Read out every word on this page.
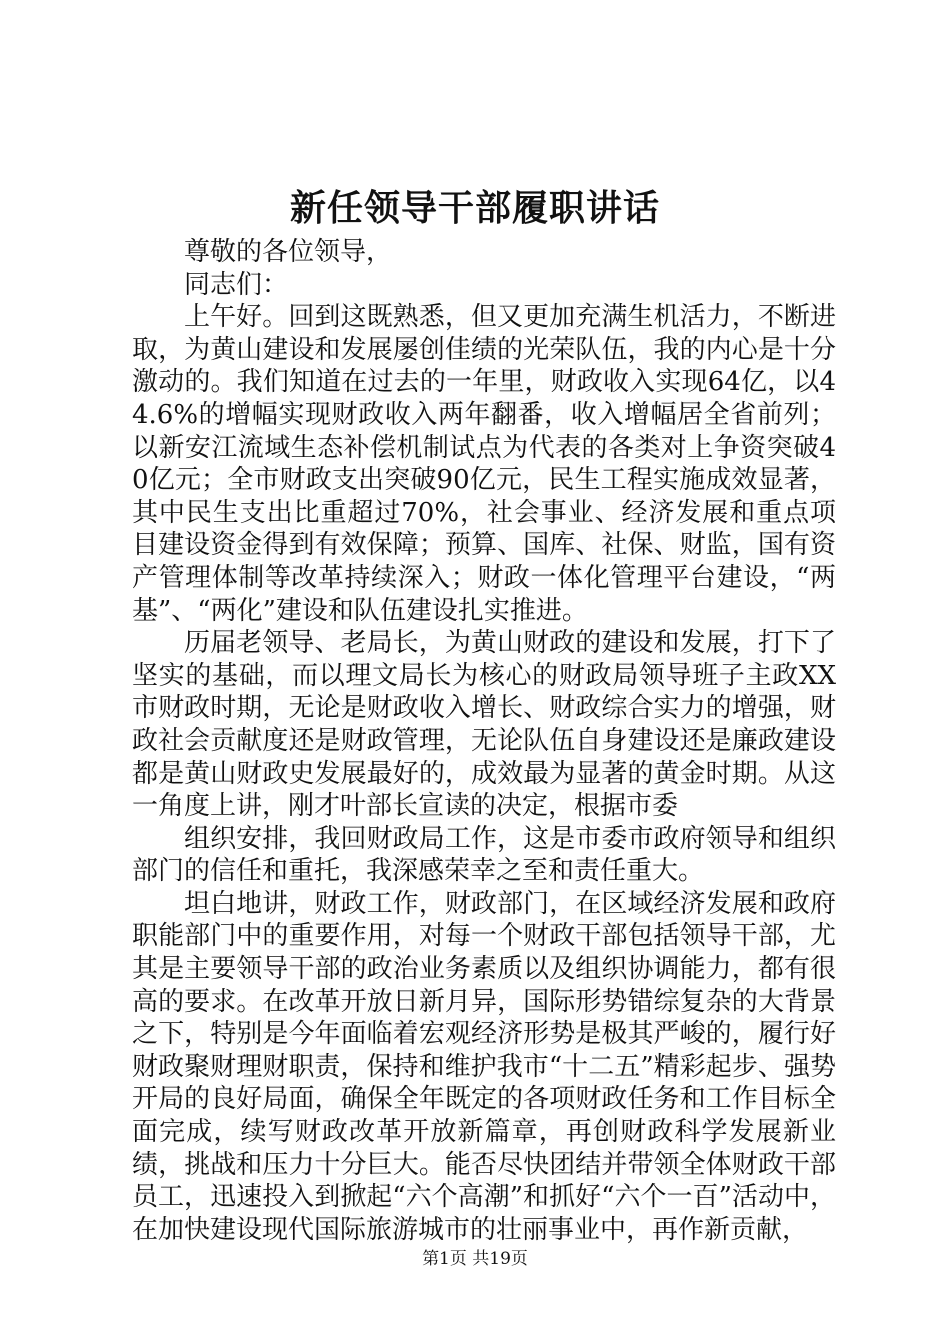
新任领导干部履职讲话

尊敬的各位领导，

同志们：

上午好。回到这既熟悉，但又更加充满生机活力，不断进取，为黄山建设和发展屡创佳绩的光荣队伍，我的内心是十分激动的。我们知道在过去的一年里，财政收入实现64亿，以44.6%的增幅实现财政收入两年翻番，收入增幅居全省前列；以新安江流域生态补偿机制试点为代表的各类对上争资突破40亿元；全市财政支出突破90亿元，民生工程实施成效显著，其中民生支出比重超过70%，社会事业、经济发展和重点项目建设资金得到有效保障；预算、国库、社保、财监，国有资产管理体制等改革持续深入；财政一体化管理平台建设，“两基”、“两化”建设和队伍建设扎实推进。

历届老领导、老局长，为黄山财政的建设和发展，打下了坚实的基础，而以理文局长为核心的财政局领导班子主政XX市财政时期，无论是财政收入增长、财政综合实力的增强，财政社会贡献度还是财政管理，无论队伍自身建设还是廉政建设都是黄山财政史发展最好的，成效最为显著的黄金时期。从这一角度上讲，刚才叶部长宣读的决定，根据市委

组织安排，我回财政局工作，这是市委市政府领导和组织部门的信任和重托，我深感荣幸之至和责任重大。

坦白地讲，财政工作，财政部门，在区域经济发展和政府职能部门中的重要作用，对每一个财政干部包括领导干部，尤其是主要领导干部的政治业务素质以及组织协调能力，都有很高的要求。在改革开放日新月异，国际形势错综复杂的大背景之下，特别是今年面临着宏观经济形势是极其严峻的，履行好财政聚财理财职责，保持和维护我市“十二五”精彩起步、强势开局的良好局面，确保全年既定的各项财政任务和工作目标全面完成，续写财政改革开放新篇章，再创财政科学发展新业绩，挑战和压力十分巨大。能否尽快团结并带领全体财政干部员工，迅速投入到掀起“六个高潮”和抓好“六个一百”活动中，在加快建设现代国际旅游城市的壮丽事业中，再作新贡献，

第1页 共19页
